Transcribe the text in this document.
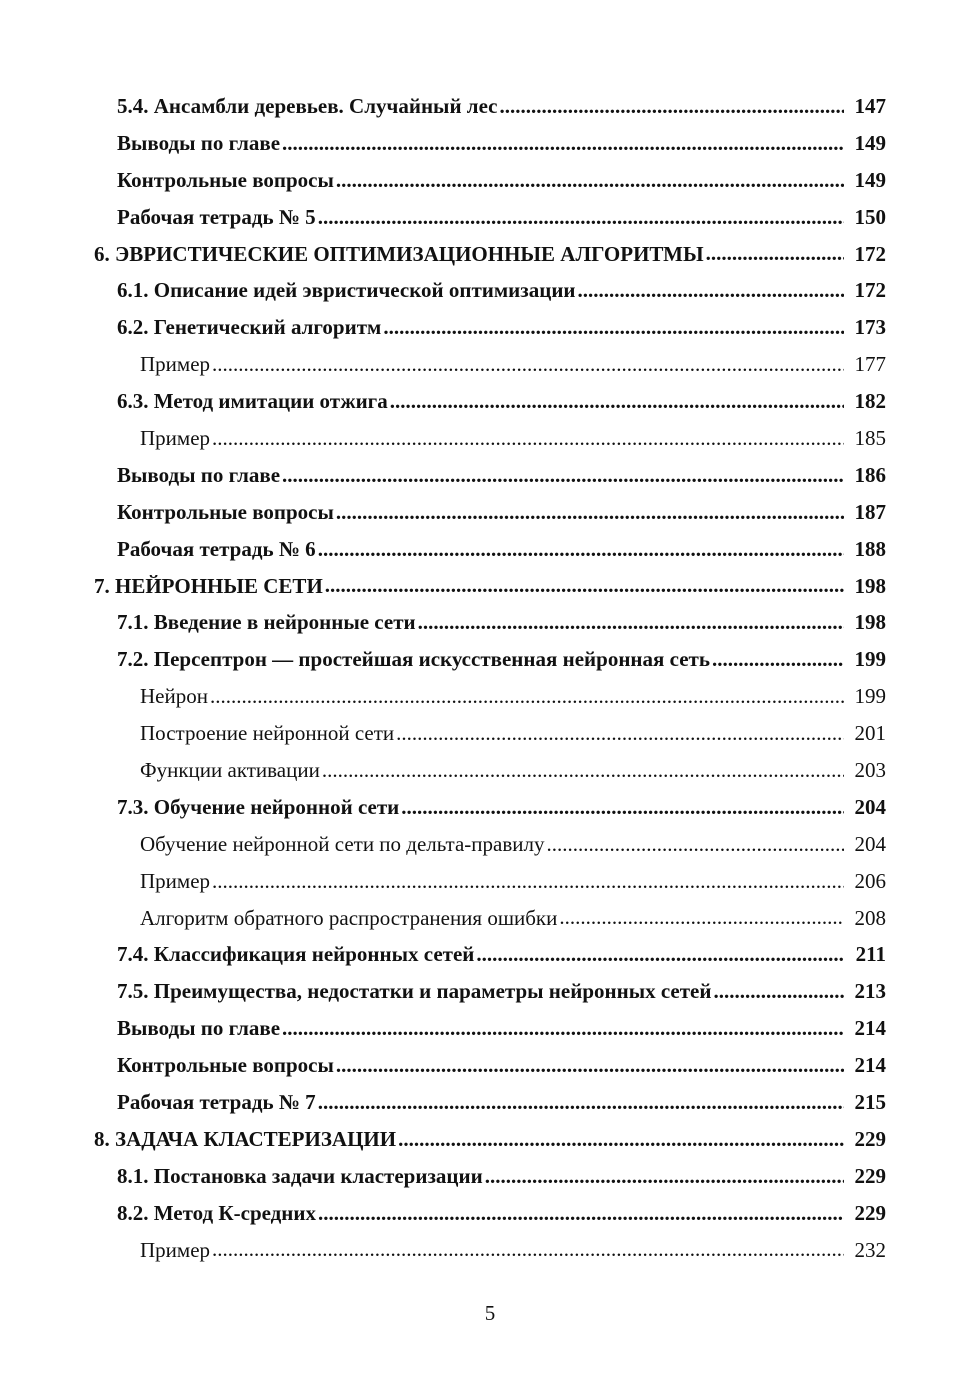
5.4. Ансамбли деревьев. Случайный лес .....	147
Выводы по главе .....	149
Контрольные вопросы .....	149
Рабочая тетрадь № 5 .....	150
6. ЭВРИСТИЧЕСКИЕ ОПТИМИЗАЦИОННЫЕ АЛГОРИТМЫ .....	172
6.1. Описание идей эвристической оптимизации .....	172
6.2. Генетический алгоритм .....	173
Пример .....	177
6.3. Метод имитации отжига .....	182
Пример .....	185
Выводы по главе .....	186
Контрольные вопросы .....	187
Рабочая тетрадь № 6 .....	188
7. НЕЙРОННЫЕ СЕТИ .....	198
7.1. Введение в нейронные сети .....	198
7.2. Персептрон — простейшая искусственная нейронная сеть .....	199
Нейрон .....	199
Построение нейронной сети .....	201
Функции активации .....	203
7.3. Обучение нейронной сети .....	204
Обучение нейронной сети по дельта-правилу .....	204
Пример .....	206
Алгоритм обратного распространения ошибки .....	208
7.4. Классификация нейронных сетей .....	211
7.5. Преимущества, недостатки и параметры нейронных сетей .....	213
Выводы по главе .....	214
Контрольные вопросы .....	214
Рабочая тетрадь № 7 .....	215
8. ЗАДАЧА КЛАСТЕРИЗАЦИИ .....	229
8.1. Постановка задачи кластеризации .....	229
8.2. Метод К-средних .....	229
Пример .....	232
5
